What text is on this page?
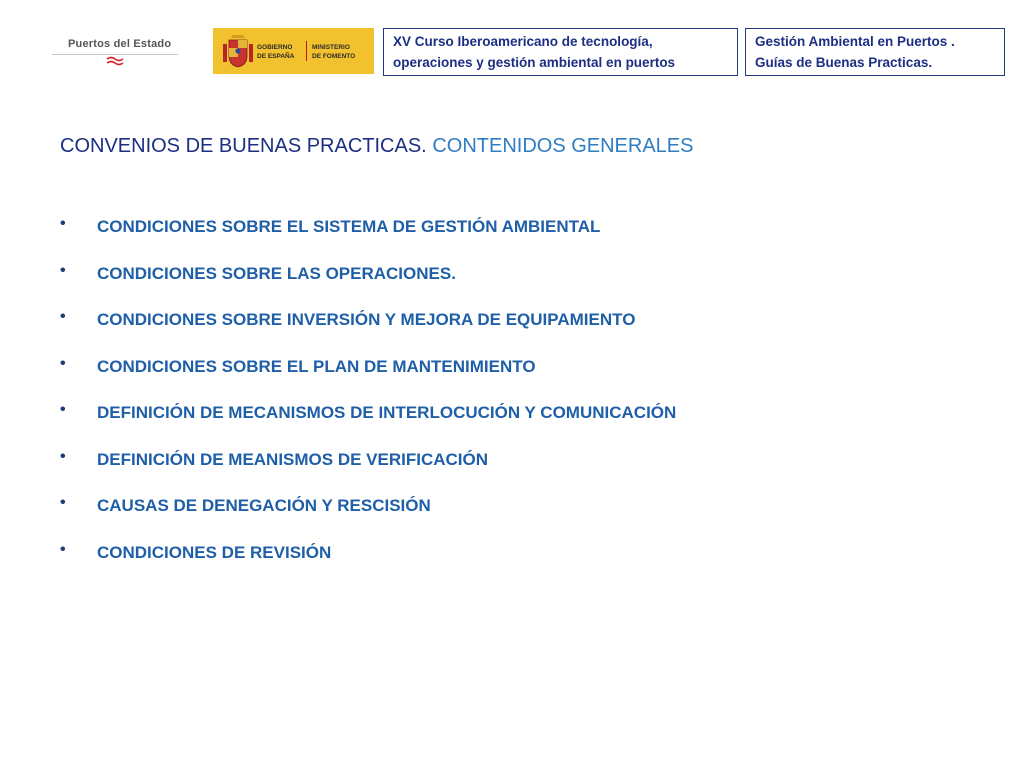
Puertos del Estado	GOBIERNO
DE ESPAÑA
MINISTERIO
DE FOMENTO
XV Curso Iberoamericano de tecnología,
operaciones y gestión ambiental en puertos
Gestión Ambiental en Puertos .
Guías de Buenas Practicas.
CONVENIOS DE BUENAS PRACTICAS. CONTENIDOS GENERALES
• CONDICIONES SOBRE EL SISTEMA DE GESTIÓN AMBIENTAL
• CONDICIONES SOBRE LAS OPERACIONES.
• CONDICIONES SOBRE INVERSIÓN Y MEJORA DE EQUIPAMIENTO
• CONDICIONES SOBRE EL PLAN DE MANTENIMIENTO
• DEFINICIÓN DE MECANISMOS DE INTERLOCUCIÓN Y COMUNICACIÓN
• DEFINICIÓN DE MEANISMOS DE VERIFICACIÓN
• CAUSAS DE DENEGACIÓN Y RESCISIÓN
• CONDICIONES DE REVISIÓN
